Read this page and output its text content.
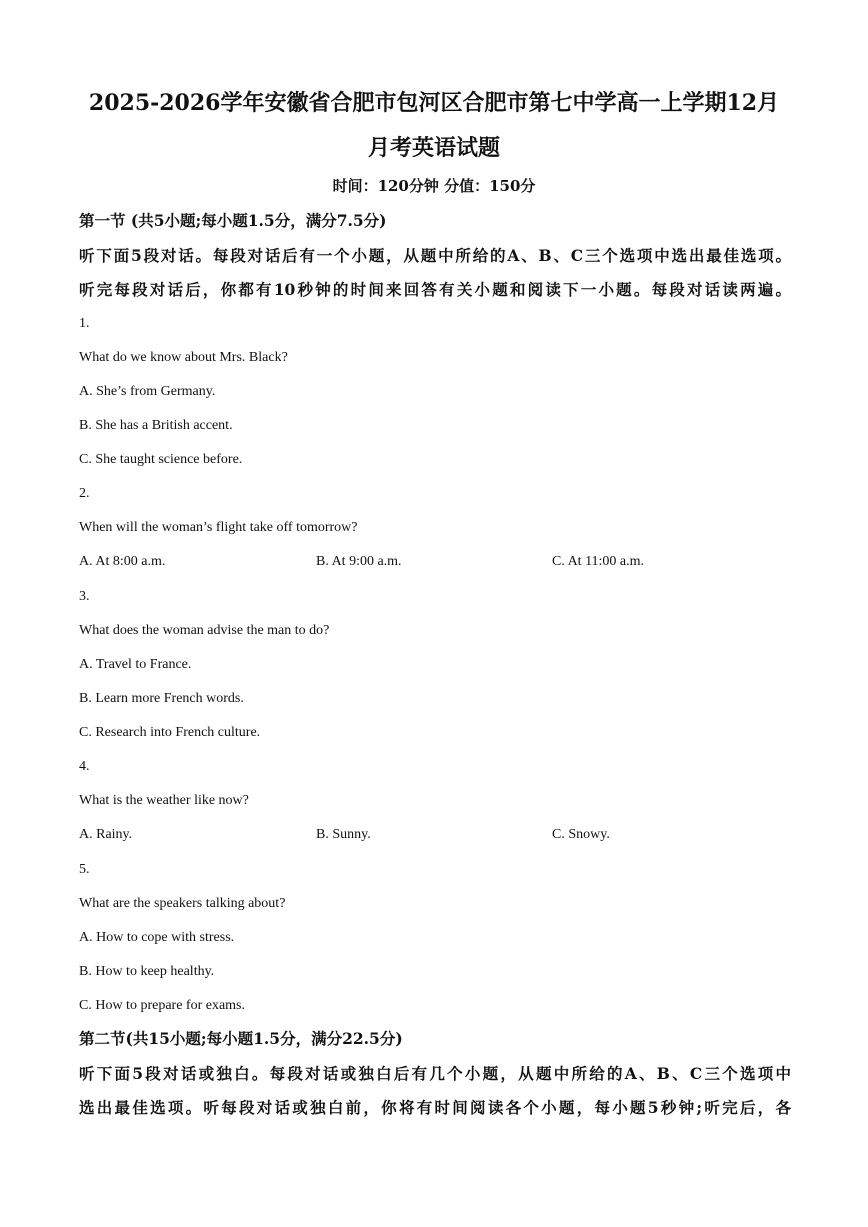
2025-2026学年安徽省合肥市包河区合肥市第七中学高一上学期12月
月考英语试题
时间：120分钟 分值：150分
第一节 (共5小题;每小题1.5分，满分7.5分)
听下面5段对话。每段对话后有一个小题，从题中所给的A、B、C三个选项中选出最佳选项。
听完每段对话后，你都有10秒钟的时间来回答有关小题和阅读下一小题。每段对话读两遍。
1.
What do we know about Mrs. Black?
A. She’s from Germany.
B. She has a British accent.
C. She taught science before.
2.
When will the woman’s flight take off tomorrow?
A. At 8:00 a.m.	B. At 9:00 a.m.	C. At 11:00 a.m.
3.
What does the woman advise the man to do?
A. Travel to France.
B. Learn more French words.
C. Research into French culture.
4.
What is the weather like now?
A. Rainy.	B. Sunny.	C. Snowy.
5.
What are the speakers talking about?
A. How to cope with stress.
B. How to keep healthy.
C. How to prepare for exams.
第二节(共15小题;每小题1.5分，满分22.5分)
听下面5段对话或独白。每段对话或独白后有几个小题，从题中所给的A、B、C三个选项中
选出最佳选项。听每段对话或独白前，你将有时间阅读各个小题，每小题5秒钟;听完后，各
